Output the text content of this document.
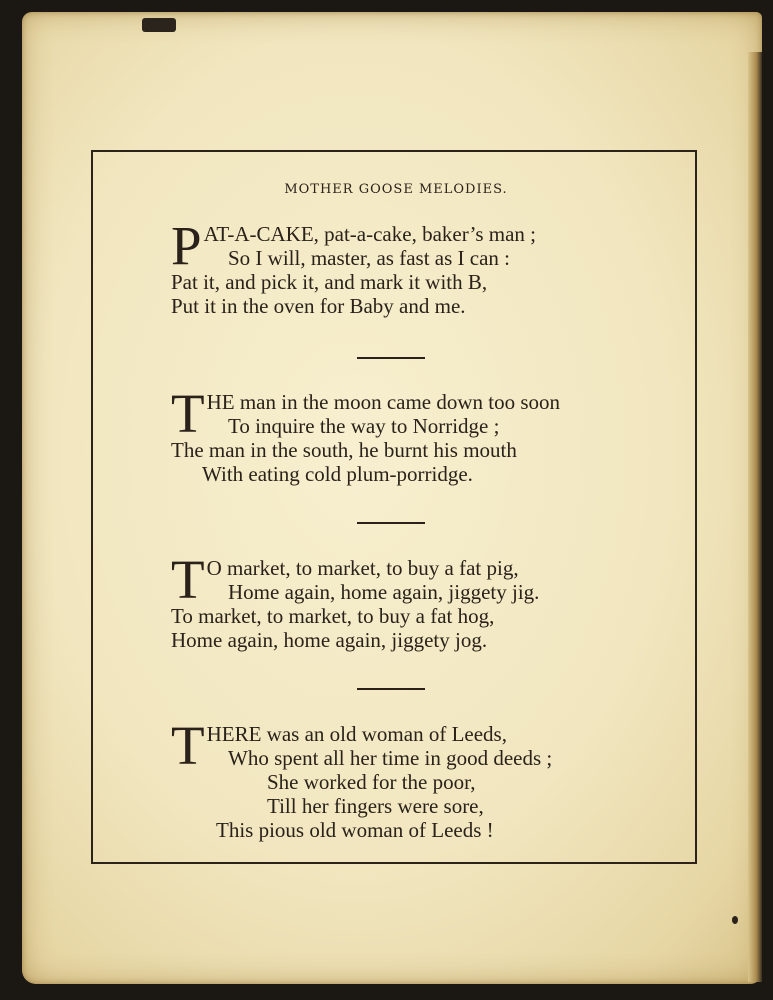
MOTHER GOOSE MELODIES.
PAT-A-CAKE, pat-a-cake, baker’s man ;
So I will, master, as fast as I can :
Pat it, and pick it, and mark it with B,
Put it in the oven for Baby and me.
THE man in the moon came down too soon
To inquire the way to Norridge ;
The man in the south, he burnt his mouth
With eating cold plum-porridge.
T O market, to market, to buy a fat pig,
Home again, home again, jiggety jig.
To market, to market, to buy a fat hog,
Home again, home again, jiggety jog.
THERE was an old woman of Leeds,
Who spent all her time in good deeds ;
She worked for the poor,
Till her fingers were sore,
This pious old woman of Leeds !
